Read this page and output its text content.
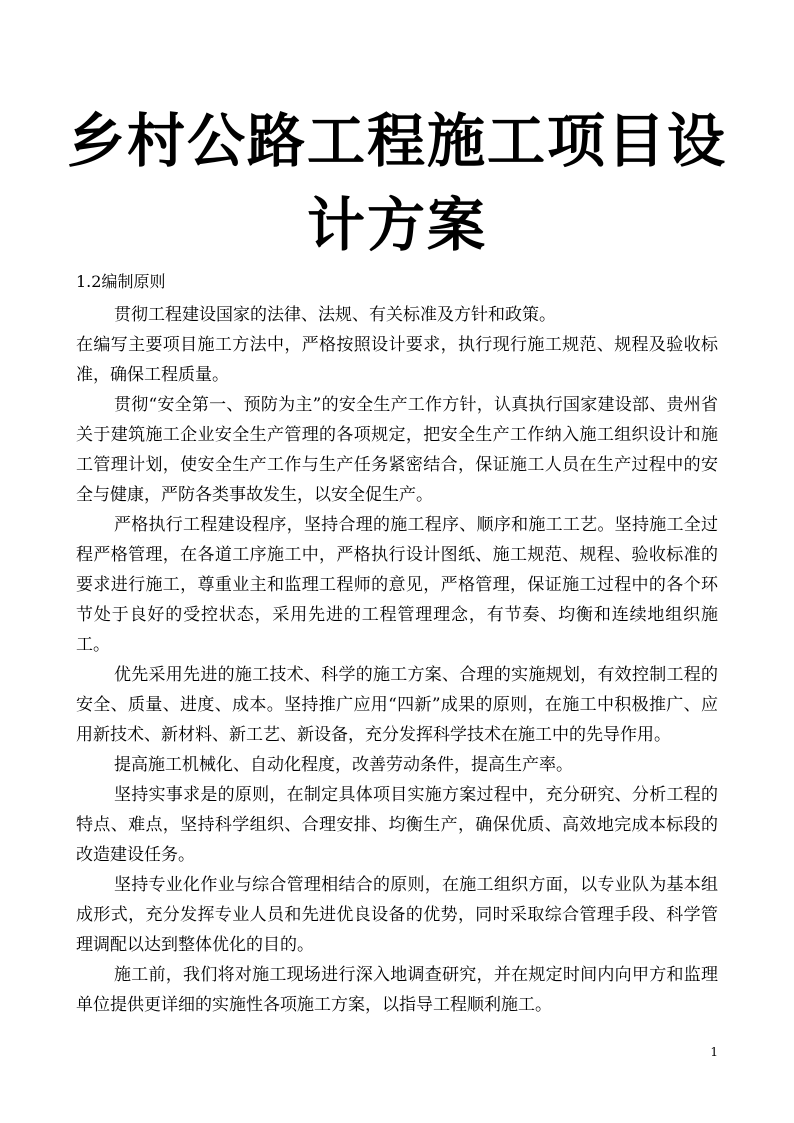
乡村公路工程施工项目设
计方案

1.2编制原则

贯彻工程建设国家的法律、法规、有关标准及方针和政策。

在编写主要项目施工方法中，严格按照设计要求，执行现行施工规范、规程及验收标准，确保工程质量。

贯彻“安全第一、预防为主”的安全生产工作方针，认真执行国家建设部、贵州省关于建筑施工企业安全生产管理的各项规定，把安全生产工作纳入施工组织设计和施工管理计划，使安全生产工作与生产任务紧密结合，保证施工人员在生产过程中的安全与健康，严防各类事故发生，以安全促生产。

严格执行工程建设程序，坚持合理的施工程序、顺序和施工工艺。坚持施工全过程严格管理，在各道工序施工中，严格执行设计图纸、施工规范、规程、验收标准的要求进行施工，尊重业主和监理工程师的意见，严格管理，保证施工过程中的各个环节处于良好的受控状态，采用先进的工程管理理念，有节奏、均衡和连续地组织施工。

优先采用先进的施工技术、科学的施工方案、合理的实施规划，有效控制工程的安全、质量、进度、成本。坚持推广应用“四新”成果的原则，在施工中积极推广、应用新技术、新材料、新工艺、新设备，充分发挥科学技术在施工中的先导作用。

提高施工机械化、自动化程度，改善劳动条件，提高生产率。

坚持实事求是的原则，在制定具体项目实施方案过程中，充分研究、分析工程的特点、难点，坚持科学组织、合理安排、均衡生产，确保优质、高效地完成本标段的改造建设任务。

坚持专业化作业与综合管理相结合的原则，在施工组织方面，以专业队为基本组成形式，充分发挥专业人员和先进优良设备的优势，同时采取综合管理手段、科学管理调配以达到整体优化的目的。

施工前，我们将对施工现场进行深入地调查研究，并在规定时间内向甲方和监理单位提供更详细的实施性各项施工方案，以指导工程顺利施工。

1
